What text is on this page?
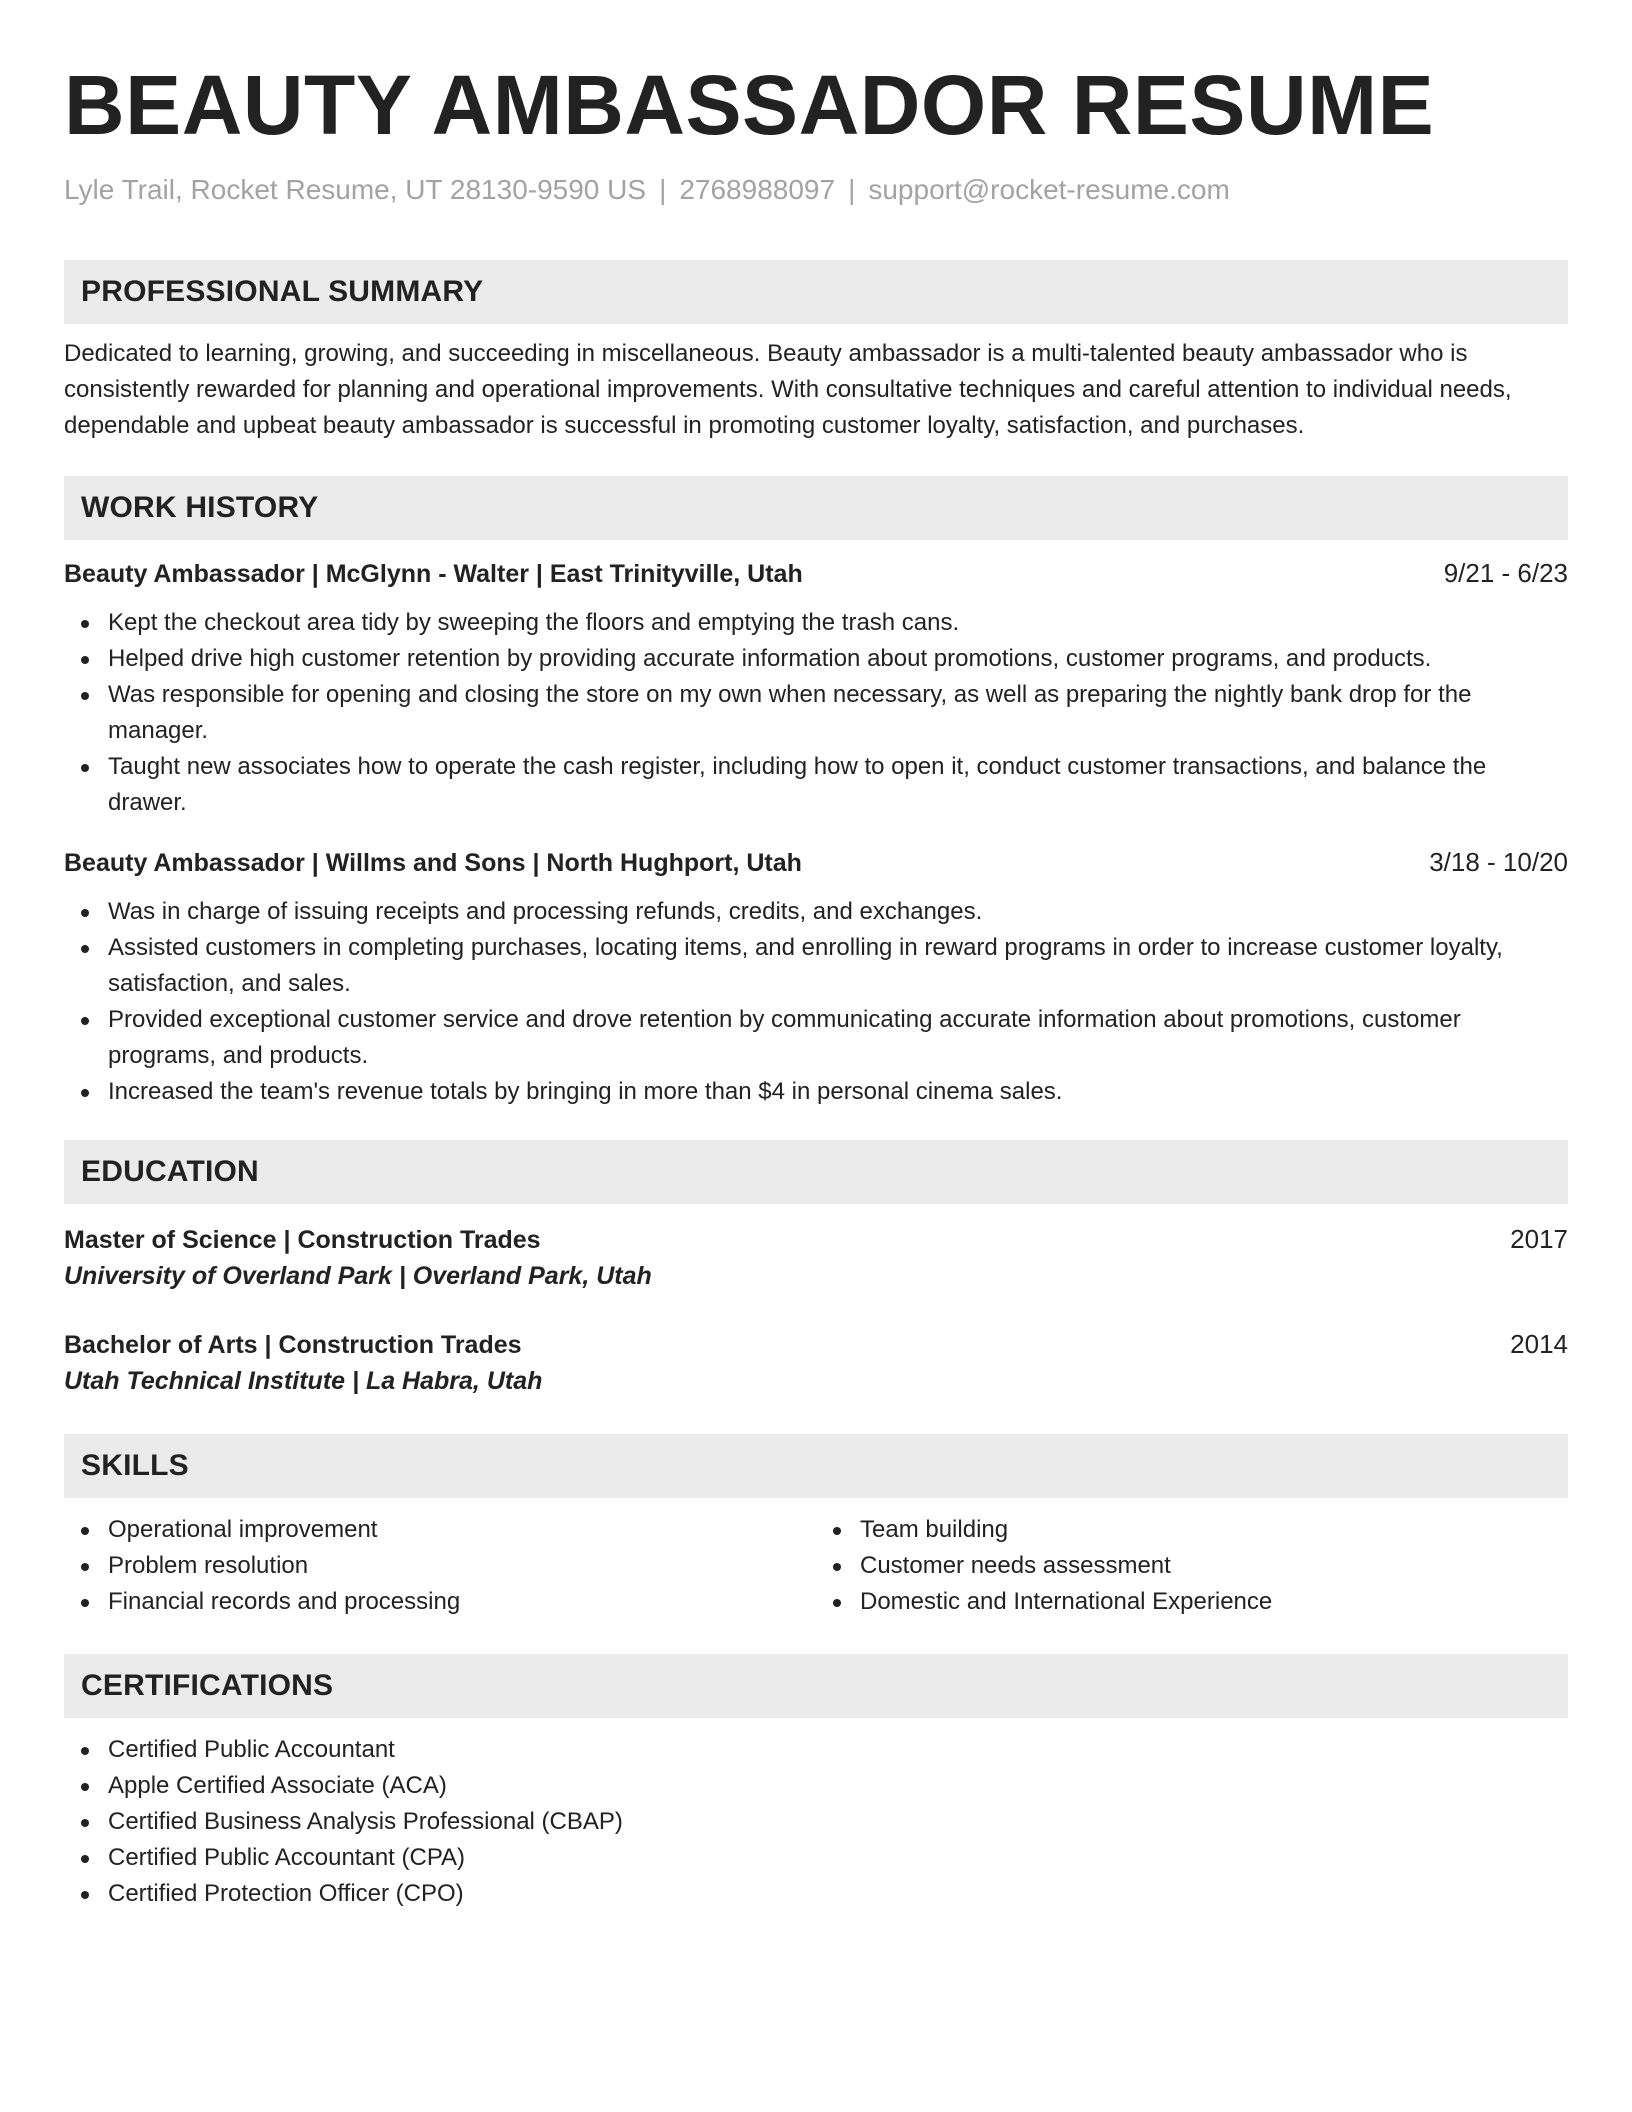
BEAUTY AMBASSADOR RESUME
Lyle Trail, Rocket Resume, UT 28130-9590 US | 2768988097 | support@rocket-resume.com
PROFESSIONAL SUMMARY

Dedicated to learning, growing, and succeeding in miscellaneous. Beauty ambassador is a multi-talented beauty ambassador who is consistently rewarded for planning and operational improvements. With consultative techniques and careful attention to individual needs, dependable and upbeat beauty ambassador is successful in promoting customer loyalty, satisfaction, and purchases.

WORK HISTORY
Beauty Ambassador | McGlynn - Walter | East Trinityville, Utah	9/21 - 6/23
Kept the checkout area tidy by sweeping the floors and emptying the trash cans.
Helped drive high customer retention by providing accurate information about promotions, customer programs, and products.
Was responsible for opening and closing the store on my own when necessary, as well as preparing the nightly bank drop for the manager.
Taught new associates how to operate the cash register, including how to open it, conduct customer transactions, and balance the drawer.
Beauty Ambassador | Willms and Sons | North Hughport, Utah	3/18 - 10/20
Was in charge of issuing receipts and processing refunds, credits, and exchanges.
Assisted customers in completing purchases, locating items, and enrolling in reward programs in order to increase customer loyalty, satisfaction, and sales.
Provided exceptional customer service and drove retention by communicating accurate information about promotions, customer programs, and products.
Increased the team's revenue totals by bringing in more than $4 in personal cinema sales.
EDUCATION
Master of Science | Construction Trades	2017
University of Overland Park | Overland Park, Utah
Bachelor of Arts | Construction Trades	2014
Utah Technical Institute | La Habra, Utah
SKILLS
Operational improvement
Problem resolution
Financial records and processing
Team building
Customer needs assessment
Domestic and International Experience
CERTIFICATIONS
Certified Public Accountant
Apple Certified Associate (ACA)
Certified Business Analysis Professional (CBAP)
Certified Public Accountant (CPA)
Certified Protection Officer (CPO)
